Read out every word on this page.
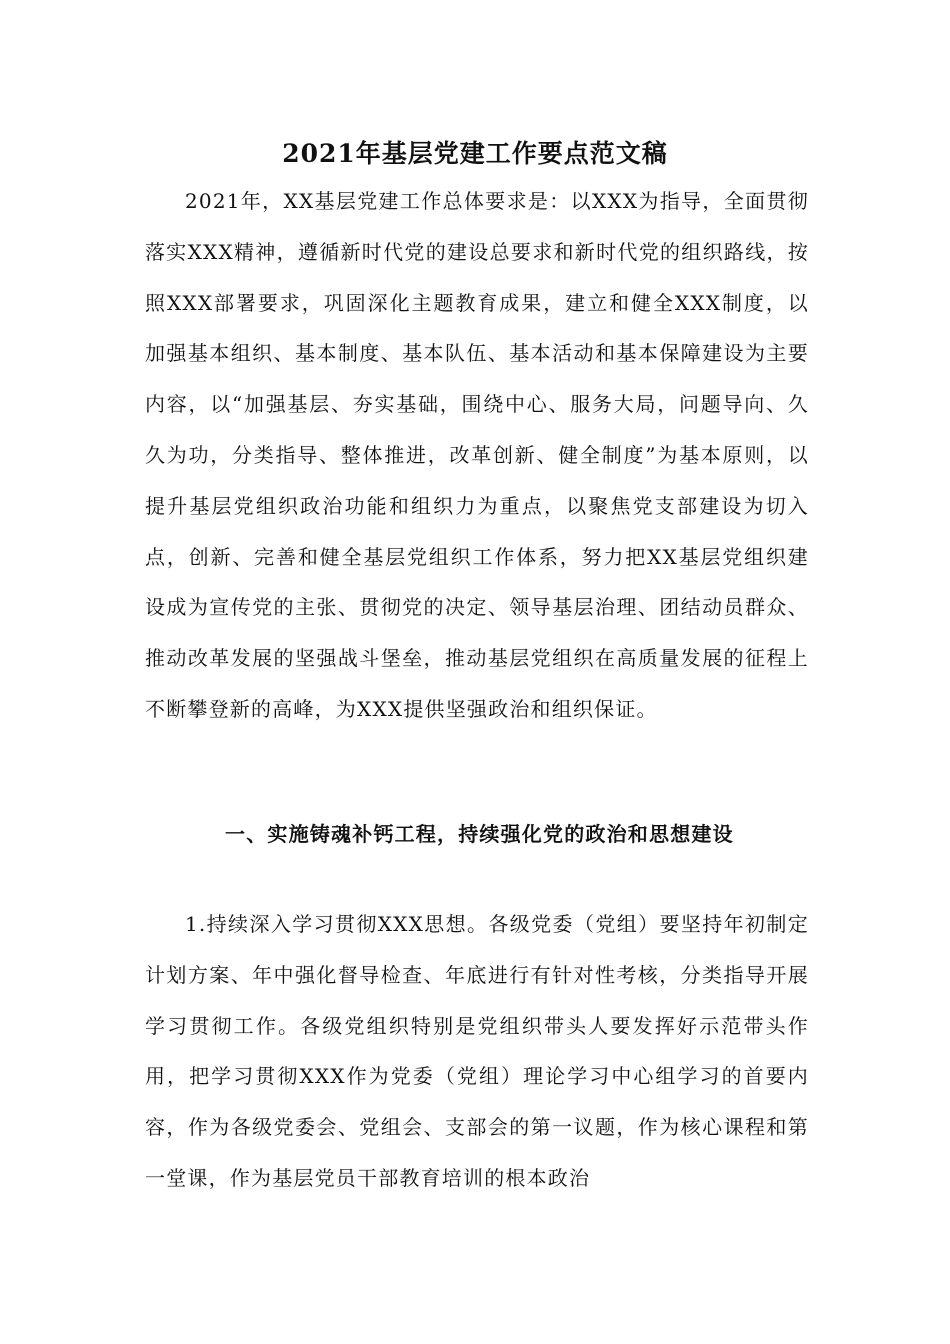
2021年基层党建工作要点范文稿

2021年，XX基层党建工作总体要求是：以XXX为指导，全面贯彻落实XXX精神，遵循新时代党的建设总要求和新时代党的组织路线，按照XXX部署要求，巩固深化主题教育成果，建立和健全XXX制度，以加强基本组织、基本制度、基本队伍、基本活动和基本保障建设为主要内容，以“加强基层、夯实基础，围绕中心、服务大局，问题导向、久久为功，分类指导、整体推进，改革创新、健全制度”为基本原则，以提升基层党组织政治功能和组织力为重点，以聚焦党支部建设为切入点，创新、完善和健全基层党组织工作体系，努力把XX基层党组织建设成为宣传党的主张、贯彻党的决定、领导基层治理、团结动员群众、推动改革发展的坚强战斗堡垒，推动基层党组织在高质量发展的征程上不断攀登新的高峰，为XXX提供坚强政治和组织保证。

一、实施铸魂补钙工程，持续强化党的政治和思想建设

1.持续深入学习贯彻XXX思想。各级党委（党组）要坚持年初制定计划方案、年中强化督导检查、年底进行有针对性考核，分类指导开展学习贯彻工作。各级党组织特别是党组织带头人要发挥好示范带头作用，把学习贯彻XXX作为党委（党组）理论学习中心组学习的首要内容，作为各级党委会、党组会、支部会的第一议题，作为核心课程和第一堂课，作为基层党员干部教育培训的根本政治
